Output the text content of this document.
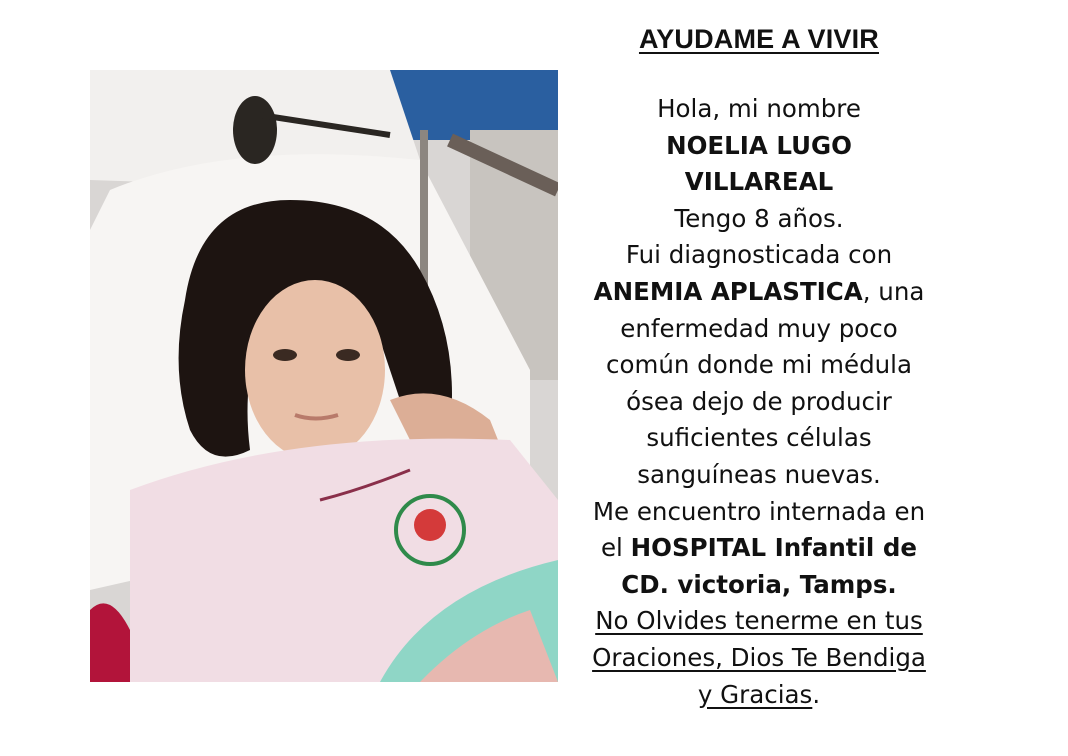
AYUDAME A VIVIR
Hola, mi nombre
NOELIA LUGO
VILLAREAL
Tengo 8 años.
Fui diagnosticada con
ANEMIA APLASTICA, una
enfermedad muy poco
común donde mi médula
ósea dejo de producir
suficientes células
sanguíneas nuevas.
Me encuentro internada en
el HOSPITAL Infantil de
CD. victoria, Tamps.
No Olvides tenerme en tus
Oraciones, Dios Te Bendiga
y Gracias.
